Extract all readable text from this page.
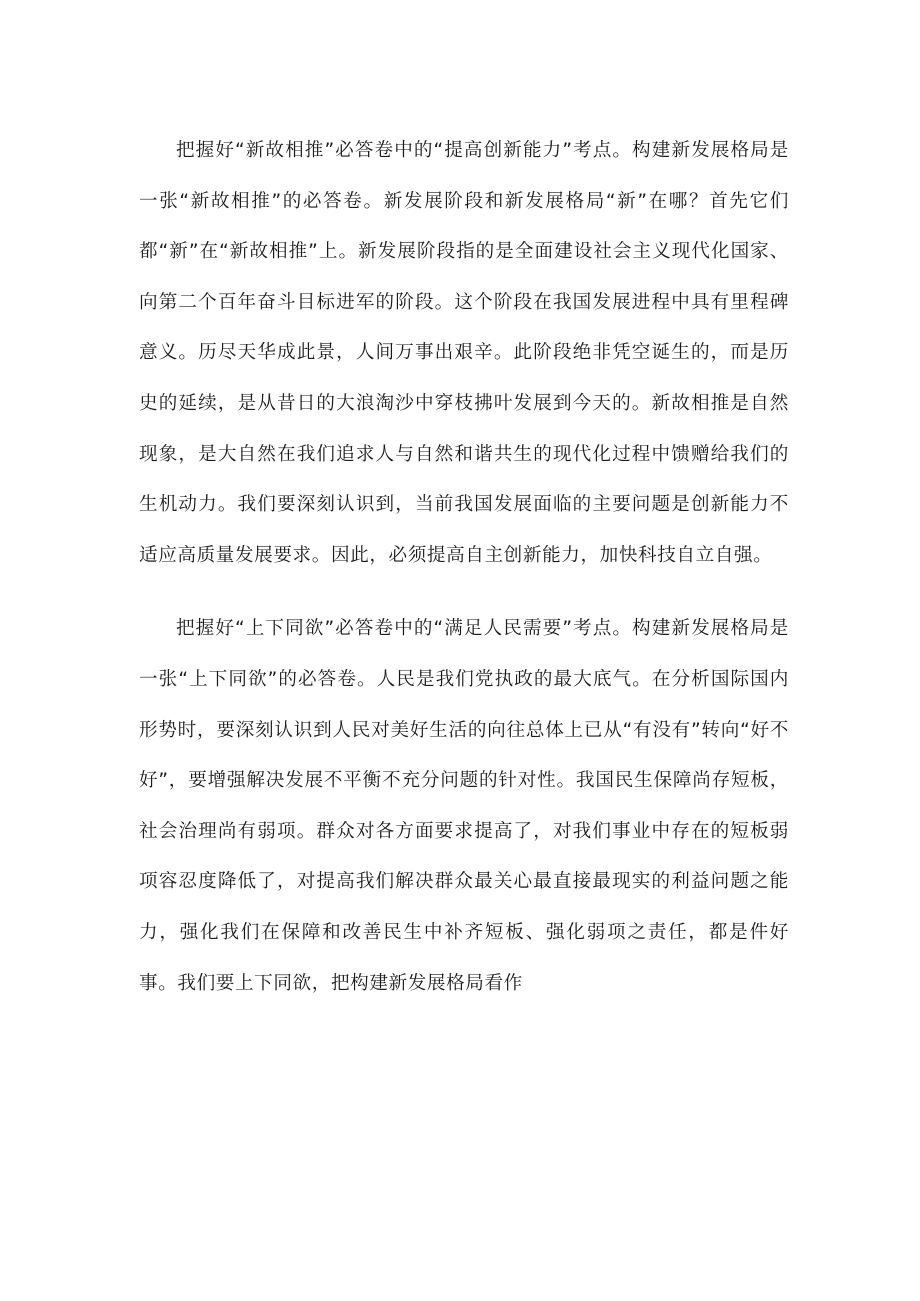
把握好“新故相推”必答卷中的“提高创新能力”考点。构建新发展格局是一张“新故相推”的必答卷。新发展阶段和新发展格局“新”在哪？首先它们都“新”在“新故相推”上。新发展阶段指的是全面建设社会主义现代化国家、向第二个百年奋斗目标进军的阶段。这个阶段在我国发展进程中具有里程碑意义。历尽天华成此景，人间万事出艰辛。此阶段绝非凭空诞生的，而是历史的延续，是从昔日的大浪淘沙中穿枝拂叶发展到今天的。新故相推是自然现象，是大自然在我们追求人与自然和谐共生的现代化过程中馈赠给我们的生机动力。我们要深刻认识到，当前我国发展面临的主要问题是创新能力不适应高质量发展要求。因此，必须提高自主创新能力，加快科技自立自强。

把握好“上下同欲”必答卷中的“满足人民需要”考点。构建新发展格局是一张“上下同欲”的必答卷。人民是我们党执政的最大底气。在分析国际国内形势时，要深刻认识到人民对美好生活的向往总体上已从“有没有”转向“好不好”，要增强解决发展不平衡不充分问题的针对性。我国民生保障尚存短板，社会治理尚有弱项。群众对各方面要求提高了，对我们事业中存在的短板弱项容忍度降低了，对提高我们解决群众最关心最直接最现实的利益问题之能力，强化我们在保障和改善民生中补齐短板、强化弱项之责任，都是件好事。我们要上下同欲，把构建新发展格局看作
